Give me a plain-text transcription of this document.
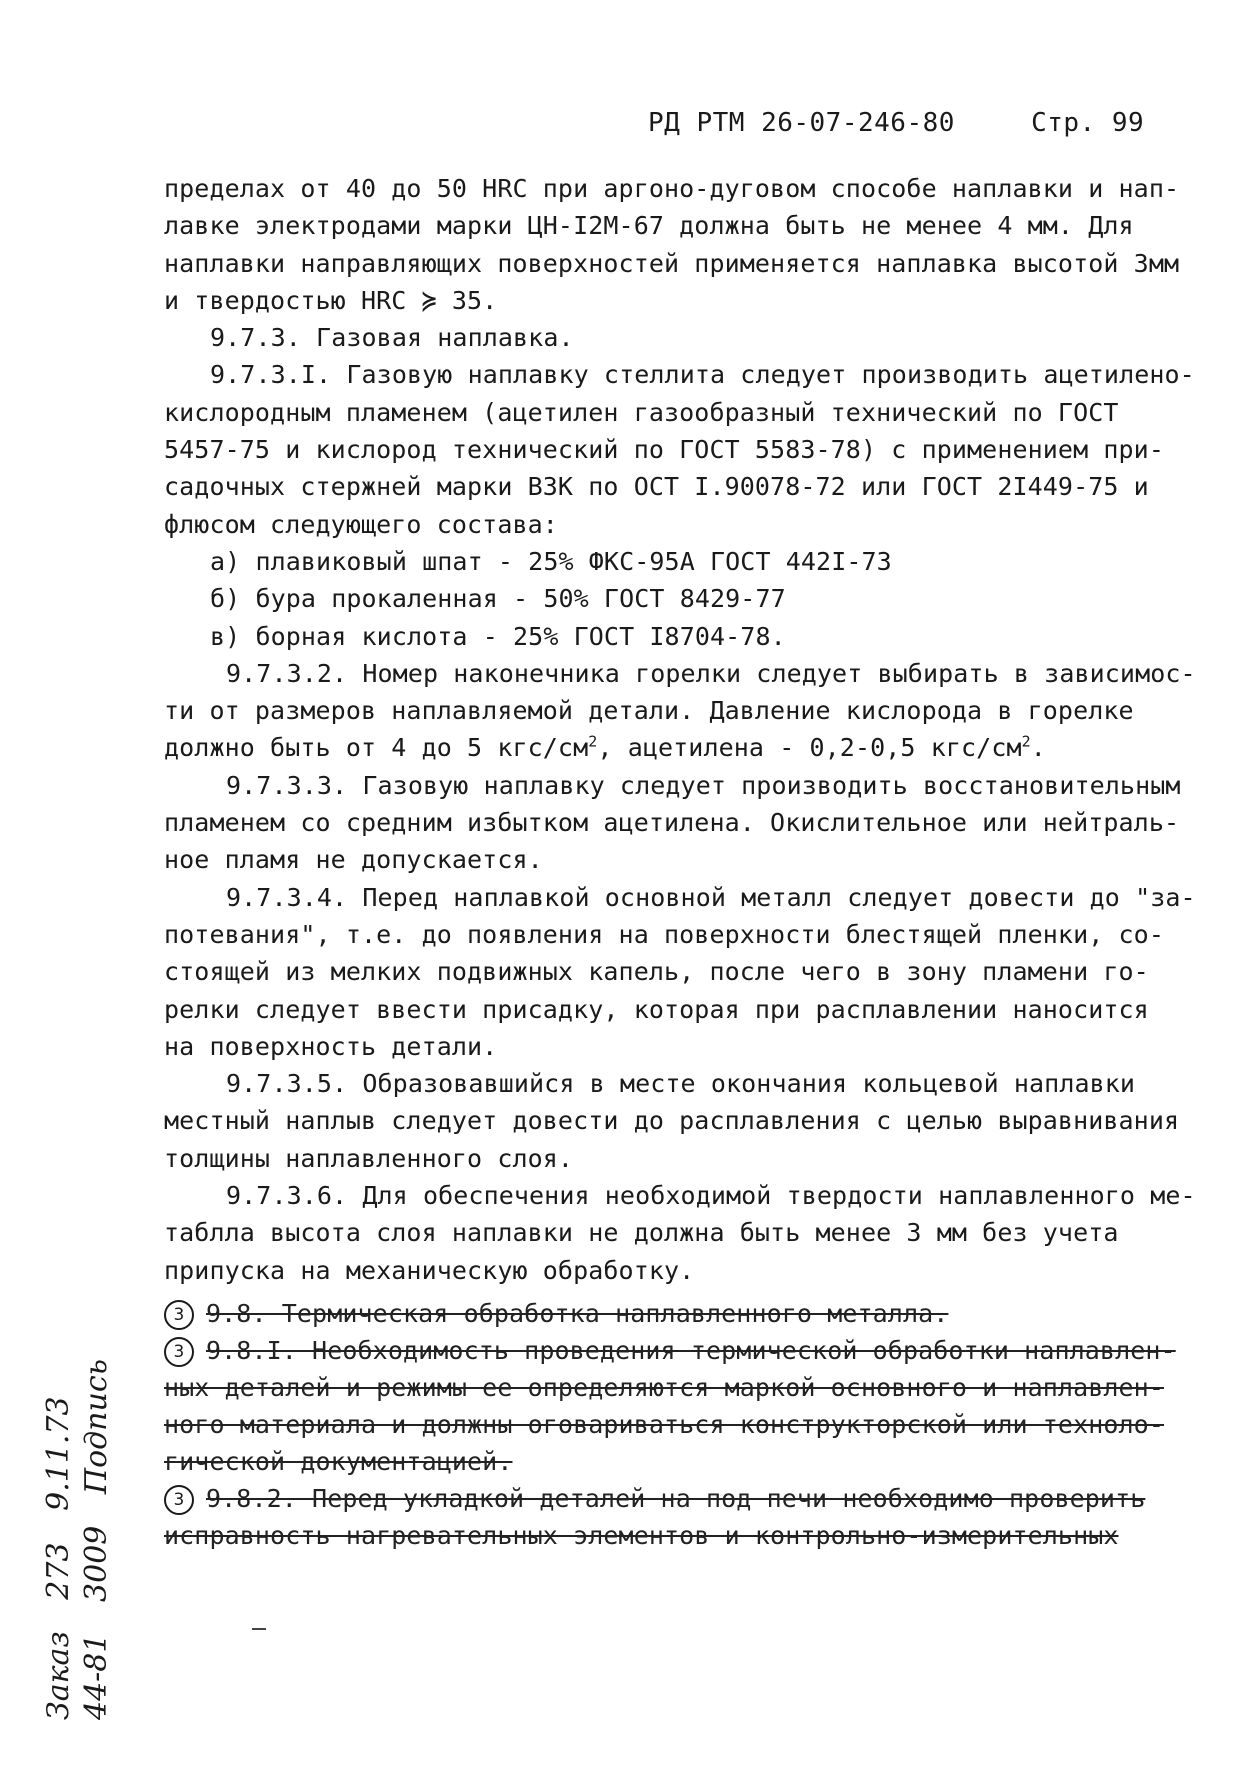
РД РТМ 26-07-246-80	Стр. 99
пределах от 40 до 50 HRC при аргоно-дуговом способе наплавки и нап-
лавке электродами марки ЦН-I2M-67 должна быть не менее 4 мм. Для
наплавки направляющих поверхностей применяется наплавка высотой 3мм
и твердостью HRC ≽ 35.
9.7.3. Газовая наплавка.
9.7.3.I. Газовую наплавку стеллита следует производить ацетилено-
кислородным пламенем (ацетилен газообразный технический по ГОСТ
5457-75 и кислород технический по ГОСТ 5583-78) с применением при-
садочных стержней марки ВЗК по ОСТ I.90078-72 или ГОСТ 2I449-75 и
флюсом следующего состава:
а) плавиковый шпат - 25% ФКС-95А ГОСТ 442I-73
б) бура прокаленная - 50% ГОСТ 8429-77
в) борная кислота - 25% ГОСТ I8704-78.
9.7.3.2. Номер наконечника горелки следует выбирать в зависимос-
ти от размеров наплавляемой детали. Давление кислорода в горелке
должно быть от 4 до 5 кгс/$см^2$, ацетилена - 0,2-0,5 кгс/$см^2$.
9.7.3.3. Газовую наплавку следует производить восстановительным
пламенем со средним избытком ацетилена. Окислительное или нейтраль-
ное пламя не допускается.
9.7.3.4. Перед наплавкой основной металл следует довести до "за-
потевания", т.е. до появления на поверхности блестящей пленки, со-
стоящей из мелких подвижных капель, после чего в зону пламени го-
релки следует ввести присадку, которая при расплавлении наносится
на поверхность детали.
9.7.3.5. Образовавшийся в месте окончания кольцевой наплавки
местный наплыв следует довести до расплавления с целью выравнивания
толщины наплавленного слоя.
9.7.3.6. Для обеспечения необходимой твердости наплавленного ме-
таблла высота слоя наплавки не должна быть менее 3 мм без учета
припуска на механическую обработку.
3 9.8. Термическая обработка наплавленного металла.
3 9.8.I. Необходимость проведения термической обработки наплавлен-
ных деталей и режимы ее определяются маркой основного и наплавлен-
ного материала и должны оговариваться конструкторской или техноло-
гической документацией.
3 9.8.2. Перед укладкой деталей на под печи необходимо проверить
исправность нагревательных элементов и контрольно-измерительных
Заказ 273 9.11.73
44-81 3009 Подпись
